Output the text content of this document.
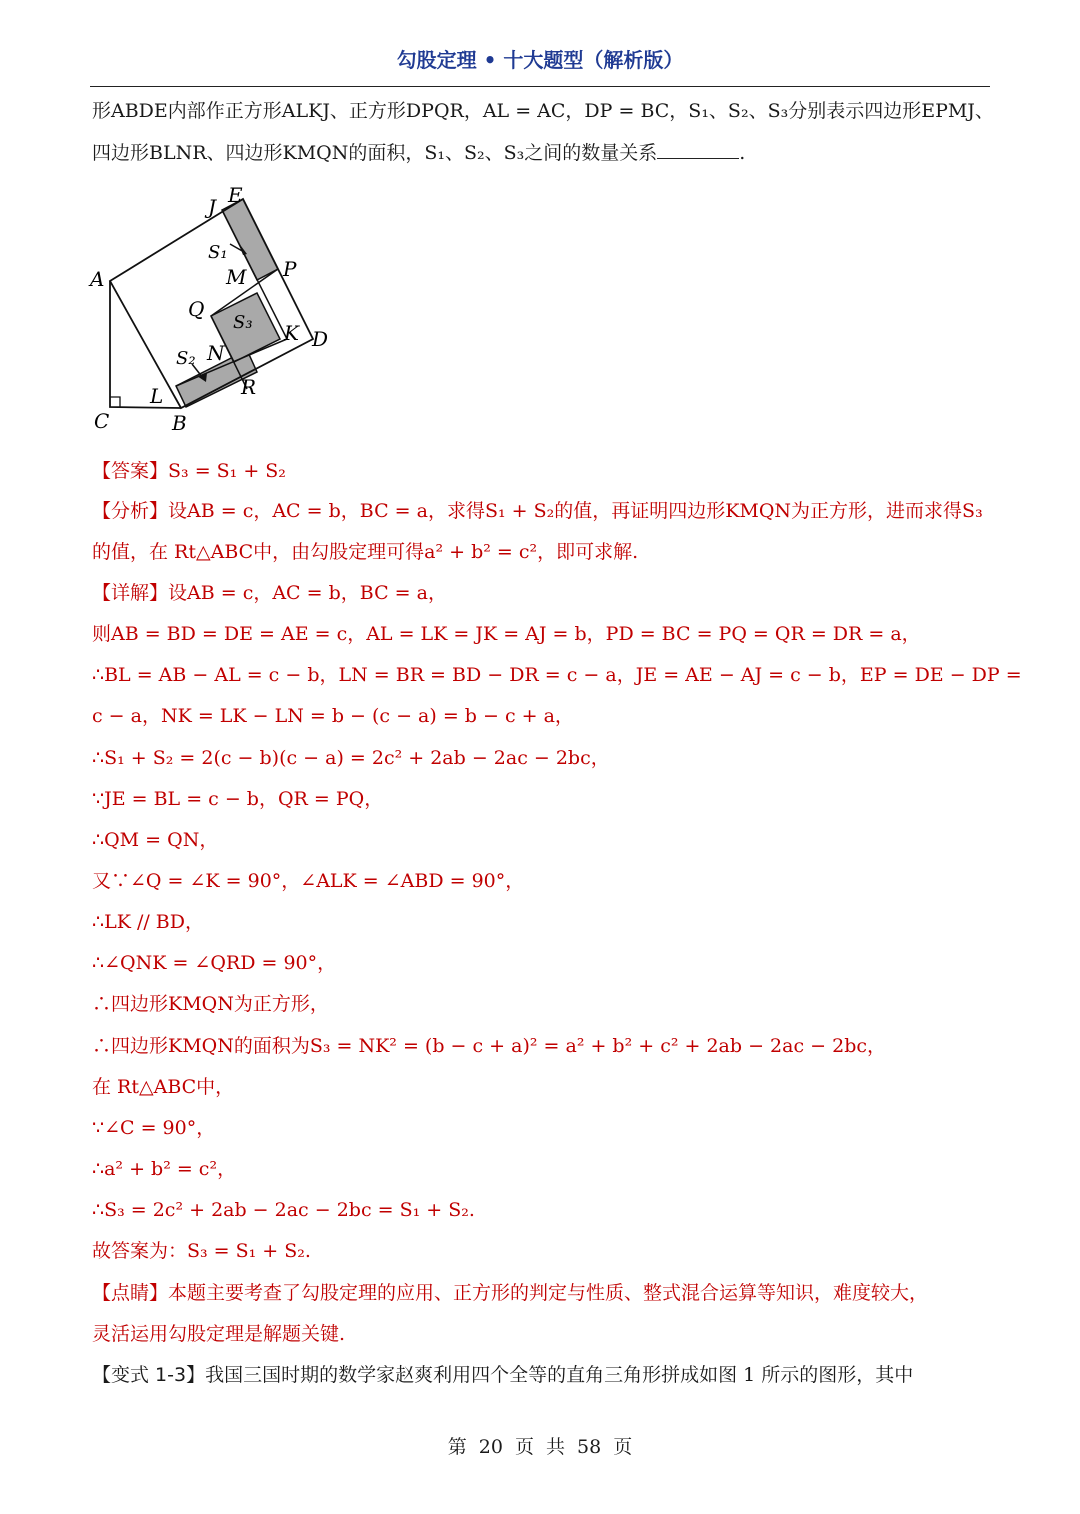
勾股定理 • 十大题型（解析版）
形ABDE内部作正方形ALKJ、正方形DPQR，AL = AC，DP = BC，S₁、S₂、S₃分别表示四边形EPMJ、
四边形BLNR、四边形KMQN的面积，S₁、S₂、S₃之间的数量关系	.
A
C	B
L
D
E
J
P
M
Q
K
N
R
S₁
S₂
S₃
【答案】S₃ = S₁ + S₂
【分析】设AB = c，AC = b，BC = a，求得S₁ + S₂的值，再证明四边形KMQN为正方形，进而求得S₃
的值，在 Rt△ABC中，由勾股定理可得a² + b² = c²，即可求解.
【详解】设AB = c，AC = b，BC = a，
则AB = BD = DE = AE = c，AL = LK = JK = AJ = b，PD = BC = PQ = QR = DR = a，
∴BL = AB − AL = c − b，LN = BR = BD − DR = c − a，JE = AE − AJ = c − b，EP = DE − DP =
c − a，NK = LK − LN = b − (c − a) = b − c + a，
∴S₁ + S₂ = 2(c − b)(c − a) = 2c² + 2ab − 2ac − 2bc，
∵JE = BL = c − b，QR = PQ，
∴QM = QN，
又∵∠Q = ∠K = 90°，∠ALK = ∠ABD = 90°，
∴LK // BD，
∴∠QNK = ∠QRD = 90°，
∴四边形KMQN为正方形，
∴四边形KMQN的面积为S₃ = NK² = (b − c + a)² = a² + b² + c² + 2ab − 2ac − 2bc，
在 Rt△ABC中，
∵∠C = 90°，
∴a² + b² = c²，
∴S₃ = 2c² + 2ab − 2ac − 2bc = S₁ + S₂.
故答案为：S₃ = S₁ + S₂.
【点睛】本题主要考查了勾股定理的应用、正方形的判定与性质、整式混合运算等知识，难度较大，
灵活运用勾股定理是解题关键.
【变式 1-3】我国三国时期的数学家赵爽利用四个全等的直角三角形拼成如图 1 所示的图形，其中
第 20 页 共 58 页
